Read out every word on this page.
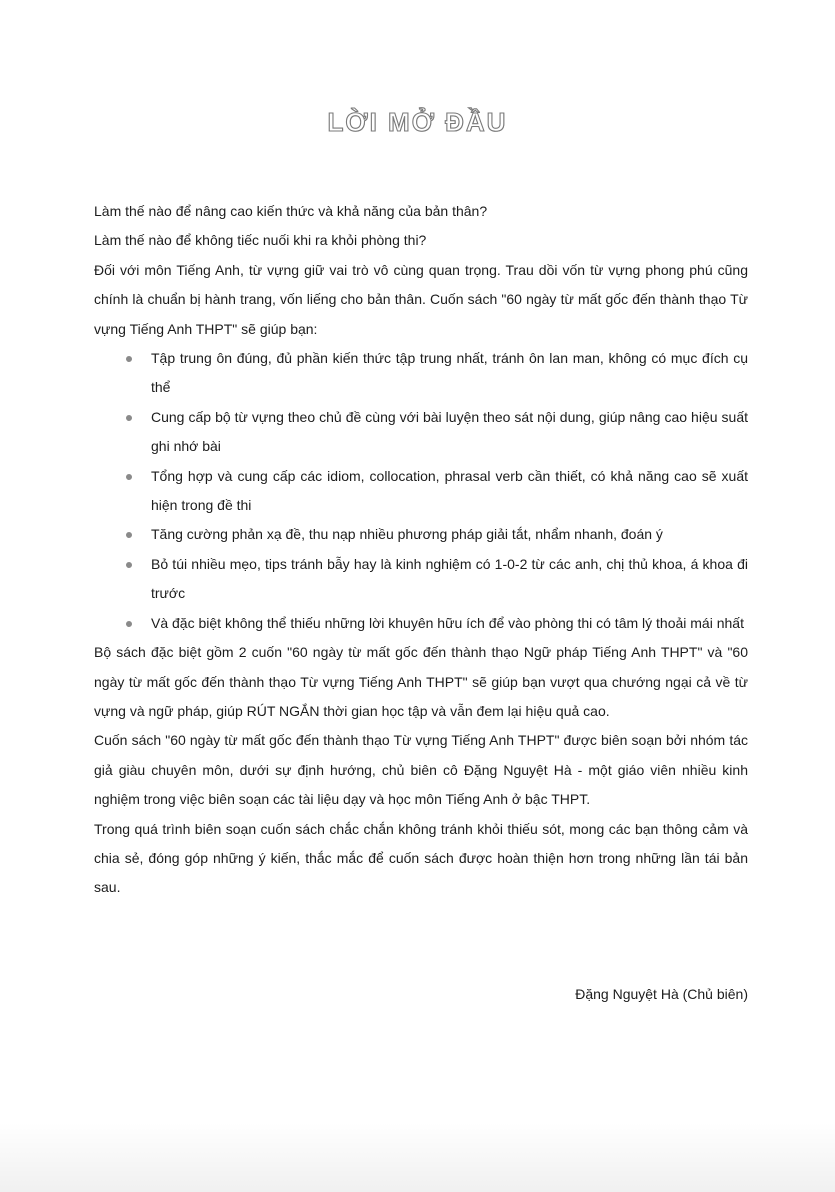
LỜI MỞ ĐẦU

Làm thế nào để nâng cao kiến thức và khả năng của bản thân?

Làm thế nào để không tiếc nuối khi ra khỏi phòng thi?

Đối với môn Tiếng Anh, từ vựng giữ vai trò vô cùng quan trọng. Trau dồi vốn từ vựng phong phú cũng chính là chuẩn bị hành trang, vốn liếng cho bản thân. Cuốn sách "60 ngày từ mất gốc đến thành thạo Từ vựng Tiếng Anh THPT" sẽ giúp bạn:

Tập trung ôn đúng, đủ phần kiến thức tập trung nhất, tránh ôn lan man, không có mục đích cụ thể
Cung cấp bộ từ vựng theo chủ đề cùng với bài luyện theo sát nội dung, giúp nâng cao hiệu suất ghi nhớ bài
Tổng hợp và cung cấp các idiom, collocation, phrasal verb cần thiết, có khả năng cao sẽ xuất hiện trong đề thi
Tăng cường phản xạ đề, thu nạp nhiều phương pháp giải tắt, nhẩm nhanh, đoán ý
Bỏ túi nhiều mẹo, tips tránh bẫy hay là kinh nghiệm có 1-0-2 từ các anh, chị thủ khoa, á khoa đi trước
Và đặc biệt không thể thiếu những lời khuyên hữu ích để vào phòng thi có tâm lý thoải mái nhất

Bộ sách đặc biệt gồm 2 cuốn "60 ngày từ mất gốc đến thành thạo Ngữ pháp Tiếng Anh THPT" và "60 ngày từ mất gốc đến thành thạo Từ vựng Tiếng Anh THPT" sẽ giúp bạn vượt qua chướng ngại cả về từ vựng và ngữ pháp, giúp RÚT NGẮN thời gian học tập và vẫn đem lại hiệu quả cao.

Cuốn sách "60 ngày từ mất gốc đến thành thạo Từ vựng Tiếng Anh THPT" được biên soạn bởi nhóm tác giả giàu chuyên môn, dưới sự định hướng, chủ biên cô Đặng Nguyệt Hà - một giáo viên nhiều kinh nghiệm trong việc biên soạn các tài liệu dạy và học môn Tiếng Anh ở bậc THPT.

Trong quá trình biên soạn cuốn sách chắc chắn không tránh khỏi thiếu sót, mong các bạn thông cảm và chia sẻ, đóng góp những ý kiến, thắc mắc để cuốn sách được hoàn thiện hơn trong những lần tái bản sau.

Đặng Nguyệt Hà (Chủ biên)
